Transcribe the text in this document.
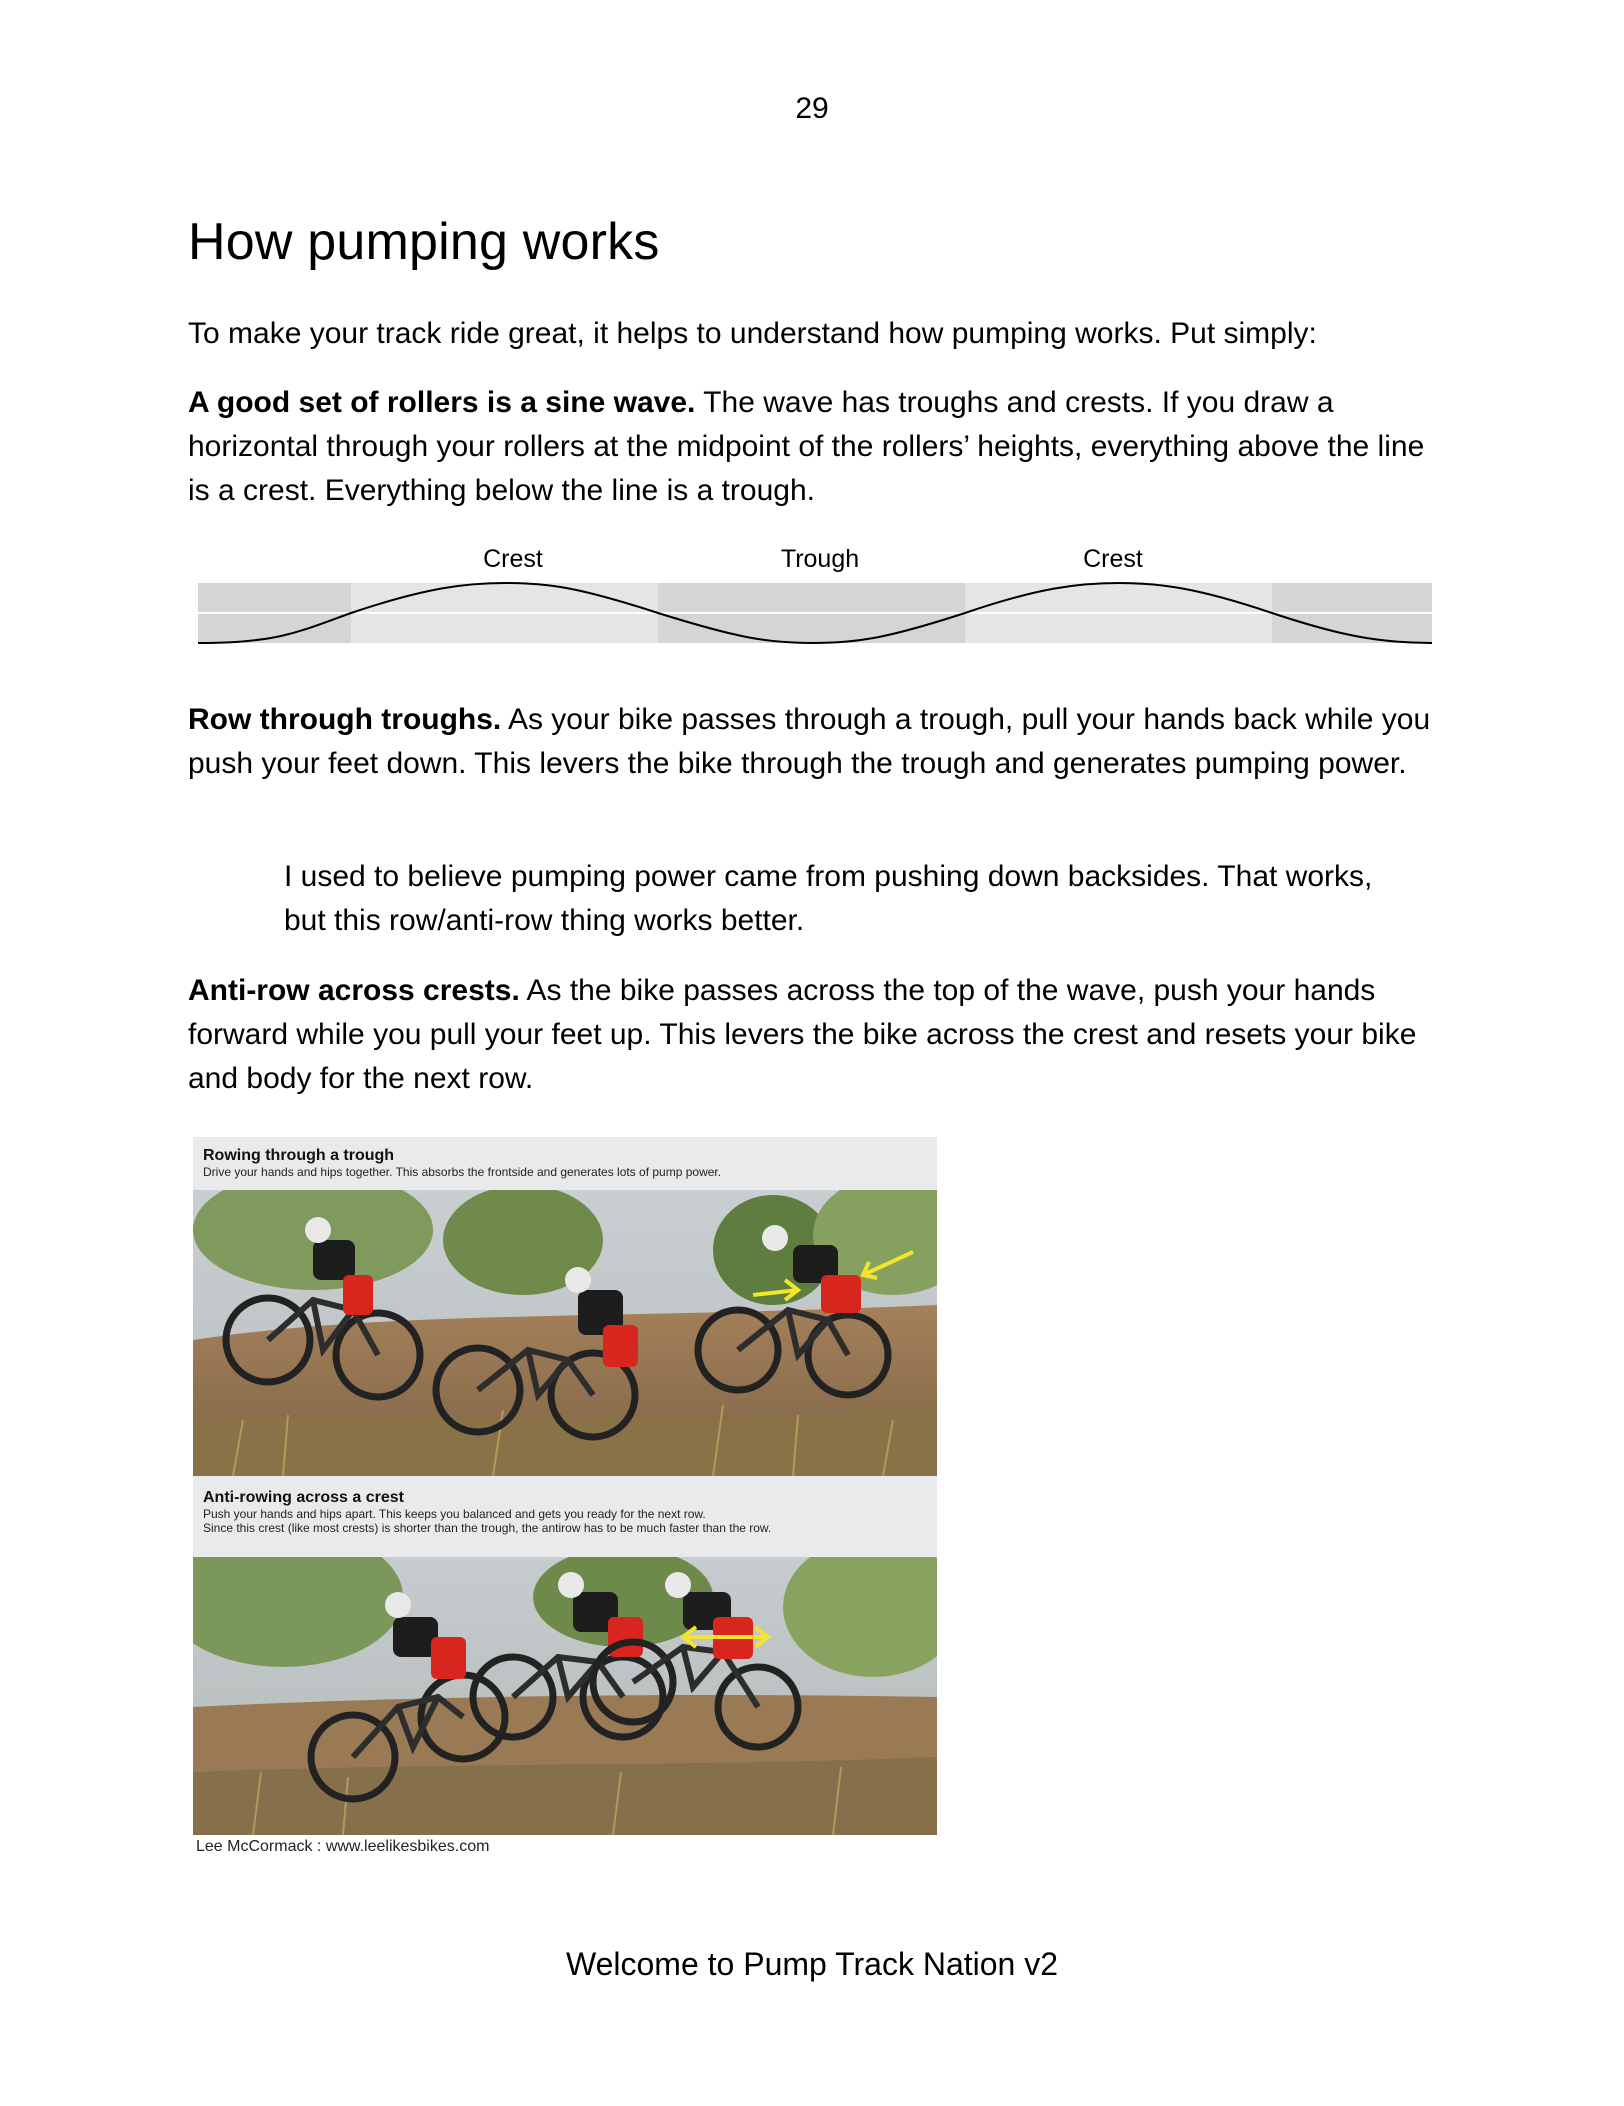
29
How pumping works

To make your track ride great, it helps to understand how pumping works. Put simply:

A good set of rollers is a sine wave. The wave has troughs and crests. If you draw a horizontal through your rollers at the midpoint of the rollers’ heights, everything above the line is a crest. Everything below the line is a trough.

Crest	Trough	Crest

Row through troughs. As your bike passes through a trough, pull your hands back while you push your feet down. This levers the bike through the trough and generates pumping power.

I used to believe pumping power came from pushing down backsides. That works, but this row/anti-row thing works better.

Anti-row across crests. As the bike passes across the top of the wave, push your hands forward while you pull your feet up. This levers the bike across the crest and resets your bike and body for the next row.

Rowing through a trough
Drive your hands and hips together. This absorbs the frontside and generates lots of pump power.
Anti-rowing across a crest
Push your hands and hips apart. This keeps you balanced and gets you ready for the next row.
Since this crest (like most crests) is shorter than the trough, the antirow has to be much faster than the row.
Lee McCormack : www.leelikesbikes.com
Welcome to Pump Track Nation v2
